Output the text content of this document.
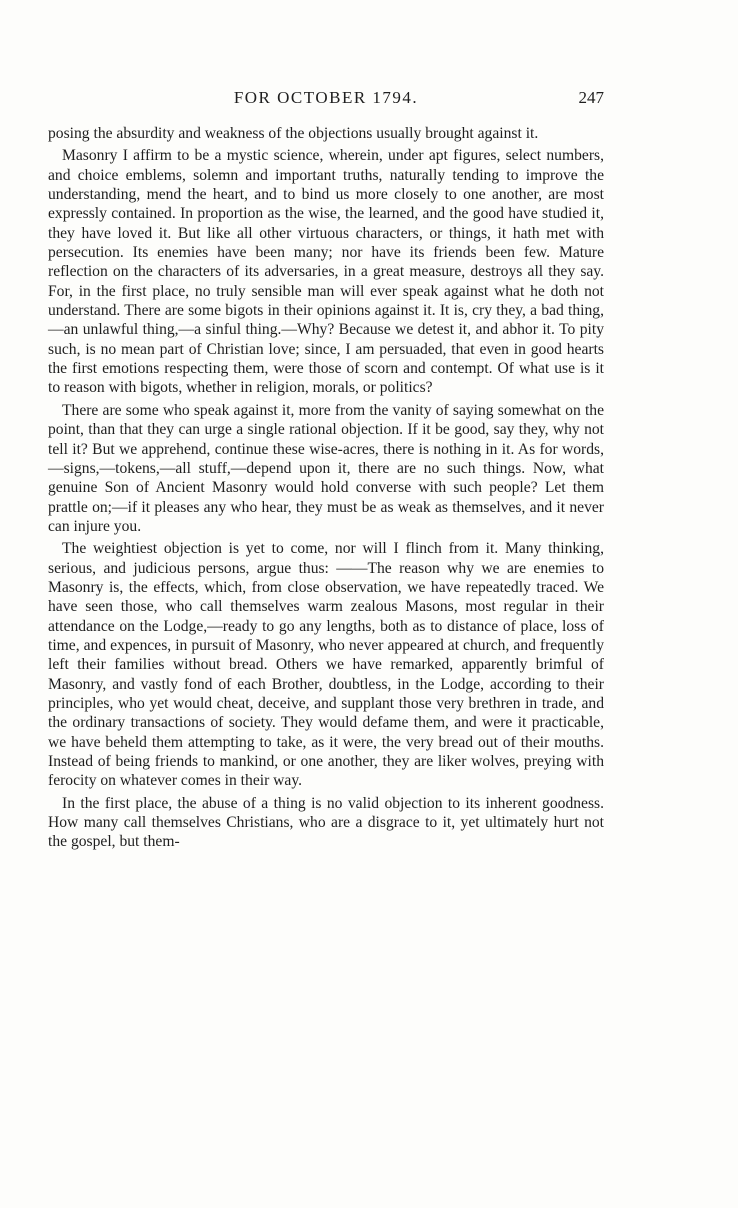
FOR OCTOBER 1794.	247

posing the absurdity and weakness of the objections usually brought against it.

Masonry I affirm to be a mystic science, wherein, under apt figures, select numbers, and choice emblems, solemn and important truths, naturally tending to improve the understanding, mend the heart, and to bind us more closely to one another, are most expressly contained. In proportion as the wise, the learned, and the good have studied it, they have loved it. But like all other virtuous characters, or things, it hath met with persecution. Its enemies have been many; nor have its friends been few. Mature reflection on the characters of its adversaries, in a great measure, destroys all they say. For, in the first place, no truly sensible man will ever speak against what he doth not understand. There are some bigots in their opinions against it. It is, cry they, a bad thing,—an unlawful thing,—a sinful thing.—Why? Because we detest it, and abhor it. To pity such, is no mean part of Christian love; since, I am persuaded, that even in good hearts the first emotions respecting them, were those of scorn and contempt. Of what use is it to reason with bigots, whether in religion, morals, or politics?

There are some who speak against it, more from the vanity of saying somewhat on the point, than that they can urge a single rational objection. If it be good, say they, why not tell it? But we apprehend, continue these wise-acres, there is nothing in it. As for words,—signs,—tokens,—all stuff,—depend upon it, there are no such things. Now, what genuine Son of Ancient Masonry would hold converse with such people? Let them prattle on;—if it pleases any who hear, they must be as weak as themselves, and it never can injure you.

The weightiest objection is yet to come, nor will I flinch from it. Many thinking, serious, and judicious persons, argue thus: ——The reason why we are enemies to Masonry is, the effects, which, from close observation, we have repeatedly traced. We have seen those, who call themselves warm zealous Masons, most regular in their attendance on the Lodge,—ready to go any lengths, both as to distance of place, loss of time, and expences, in pursuit of Masonry, who never appeared at church, and frequently left their families without bread. Others we have remarked, apparently brimful of Masonry, and vastly fond of each Brother, doubtless, in the Lodge, according to their principles, who yet would cheat, deceive, and supplant those very brethren in trade, and the ordinary transactions of society. They would defame them, and were it practicable, we have beheld them attempting to take, as it were, the very bread out of their mouths. Instead of being friends to mankind, or one another, they are liker wolves, preying with ferocity on whatever comes in their way.

In the first place, the abuse of a thing is no valid objection to its inherent goodness. How many call themselves Christians, who are a disgrace to it, yet ultimately hurt not the gospel, but them-
